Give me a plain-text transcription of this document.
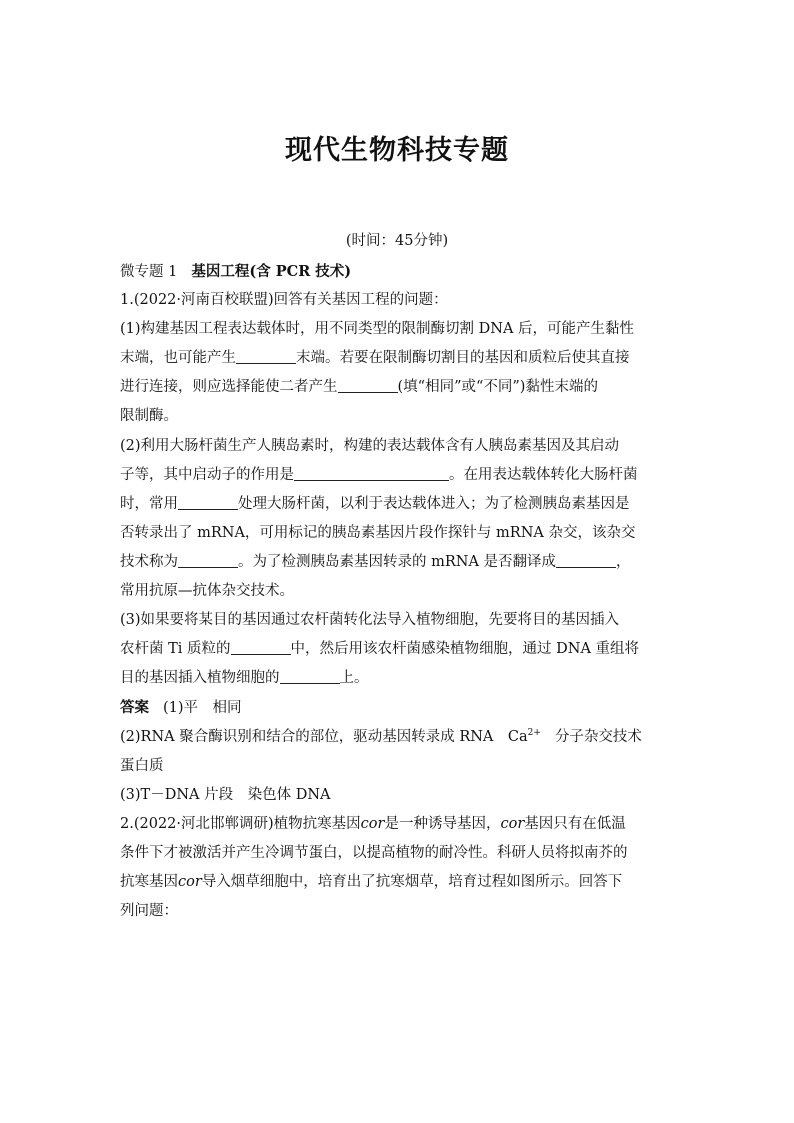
现代生物科技专题
(时间：45分钟)
微专题 1 基因工程(含 PCR 技术)
1.(2022·河南百校联盟)回答有关基因工程的问题：
(1)构建基因工程表达载体时，用不同类型的限制酶切割 DNA 后，可能产生黏性
末端，也可能产生	末端。若要在限制酶切割目的基因和质粒后使其直接
进行连接，则应选择能使二者产生	(填“相同”或“不同”)黏性末端的
限制酶。
(2)利用大肠杆菌生产人胰岛素时，构建的表达载体含有人胰岛素基因及其启动
子等，其中启动子的作用是	。在用表达载体转化大肠杆菌
时，常用	处理大肠杆菌，以利于表达载体进入；为了检测胰岛素基因是
否转录出了 mRNA，可用标记的胰岛素基因片段作探针与 mRNA 杂交，该杂交
技术称为	。为了检测胰岛素基因转录的 mRNA 是否翻译成	，
常用抗原—抗体杂交技术。
(3)如果要将某目的基因通过农杆菌转化法导入植物细胞，先要将目的基因插入
农杆菌 Ti 质粒的	中，然后用该农杆菌感染植物细胞，通过 DNA 重组将
目的基因插入植物细胞的	上。
答案 (1)平　相同
(2)RNA 聚合酶识别和结合的部位，驱动基因转录成 RNA　$Ca^{2+}$ 分子杂交技术
蛋白质
(3)T－DNA 片段　染色体 DNA
2.(2022·河北邯郸调研)植物抗寒基因cor是一种诱导基因，cor基因只有在低温
条件下才被激活并产生冷调节蛋白，以提高植物的耐冷性。科研人员将拟南芥的
抗寒基因cor导入烟草细胞中，培育出了抗寒烟草，培育过程如图所示。回答下
列问题：
